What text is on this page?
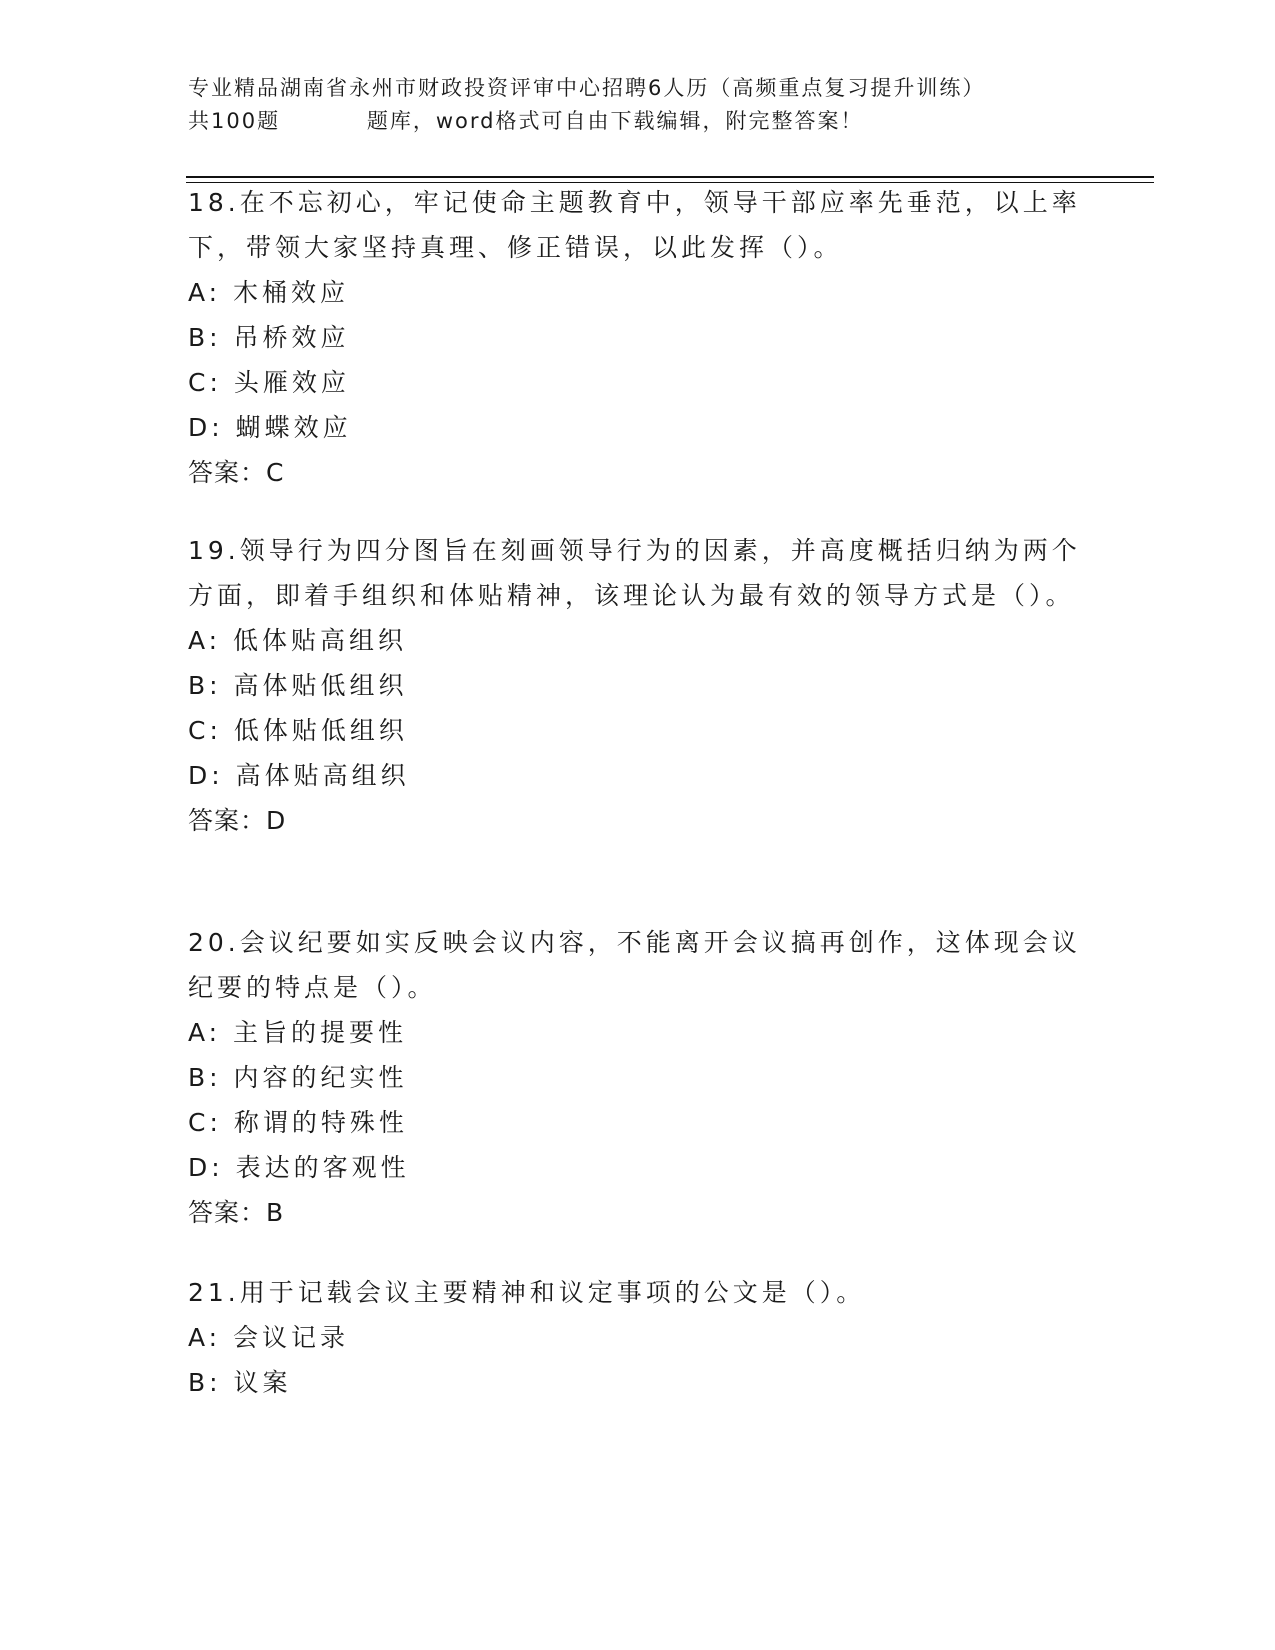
专业精品湖南省永州市财政投资评审中心招聘6人历（高频重点复习提升训练）
共100题          题库，word格式可自由下载编辑，附完整答案！

18.在不忘初心，牢记使命主题教育中，领导干部应率先垂范，以上率下，带领大家坚持真理、修正错误，以此发挥（）。

A: 木桶效应

B: 吊桥效应

C: 头雁效应

D: 蝴蝶效应

答案：C

19.领导行为四分图旨在刻画领导行为的因素，并高度概括归纳为两个方面，即着手组织和体贴精神，该理论认为最有效的领导方式是（）。

A: 低体贴高组织

B: 高体贴低组织

C: 低体贴低组织

D: 高体贴高组织

答案：D

20.会议纪要如实反映会议内容，不能离开会议搞再创作，这体现会议纪要的特点是（）。

A: 主旨的提要性

B: 内容的纪实性

C: 称谓的特殊性

D: 表达的客观性

答案：B

21.用于记载会议主要精神和议定事项的公文是（）。

A: 会议记录

B: 议案
